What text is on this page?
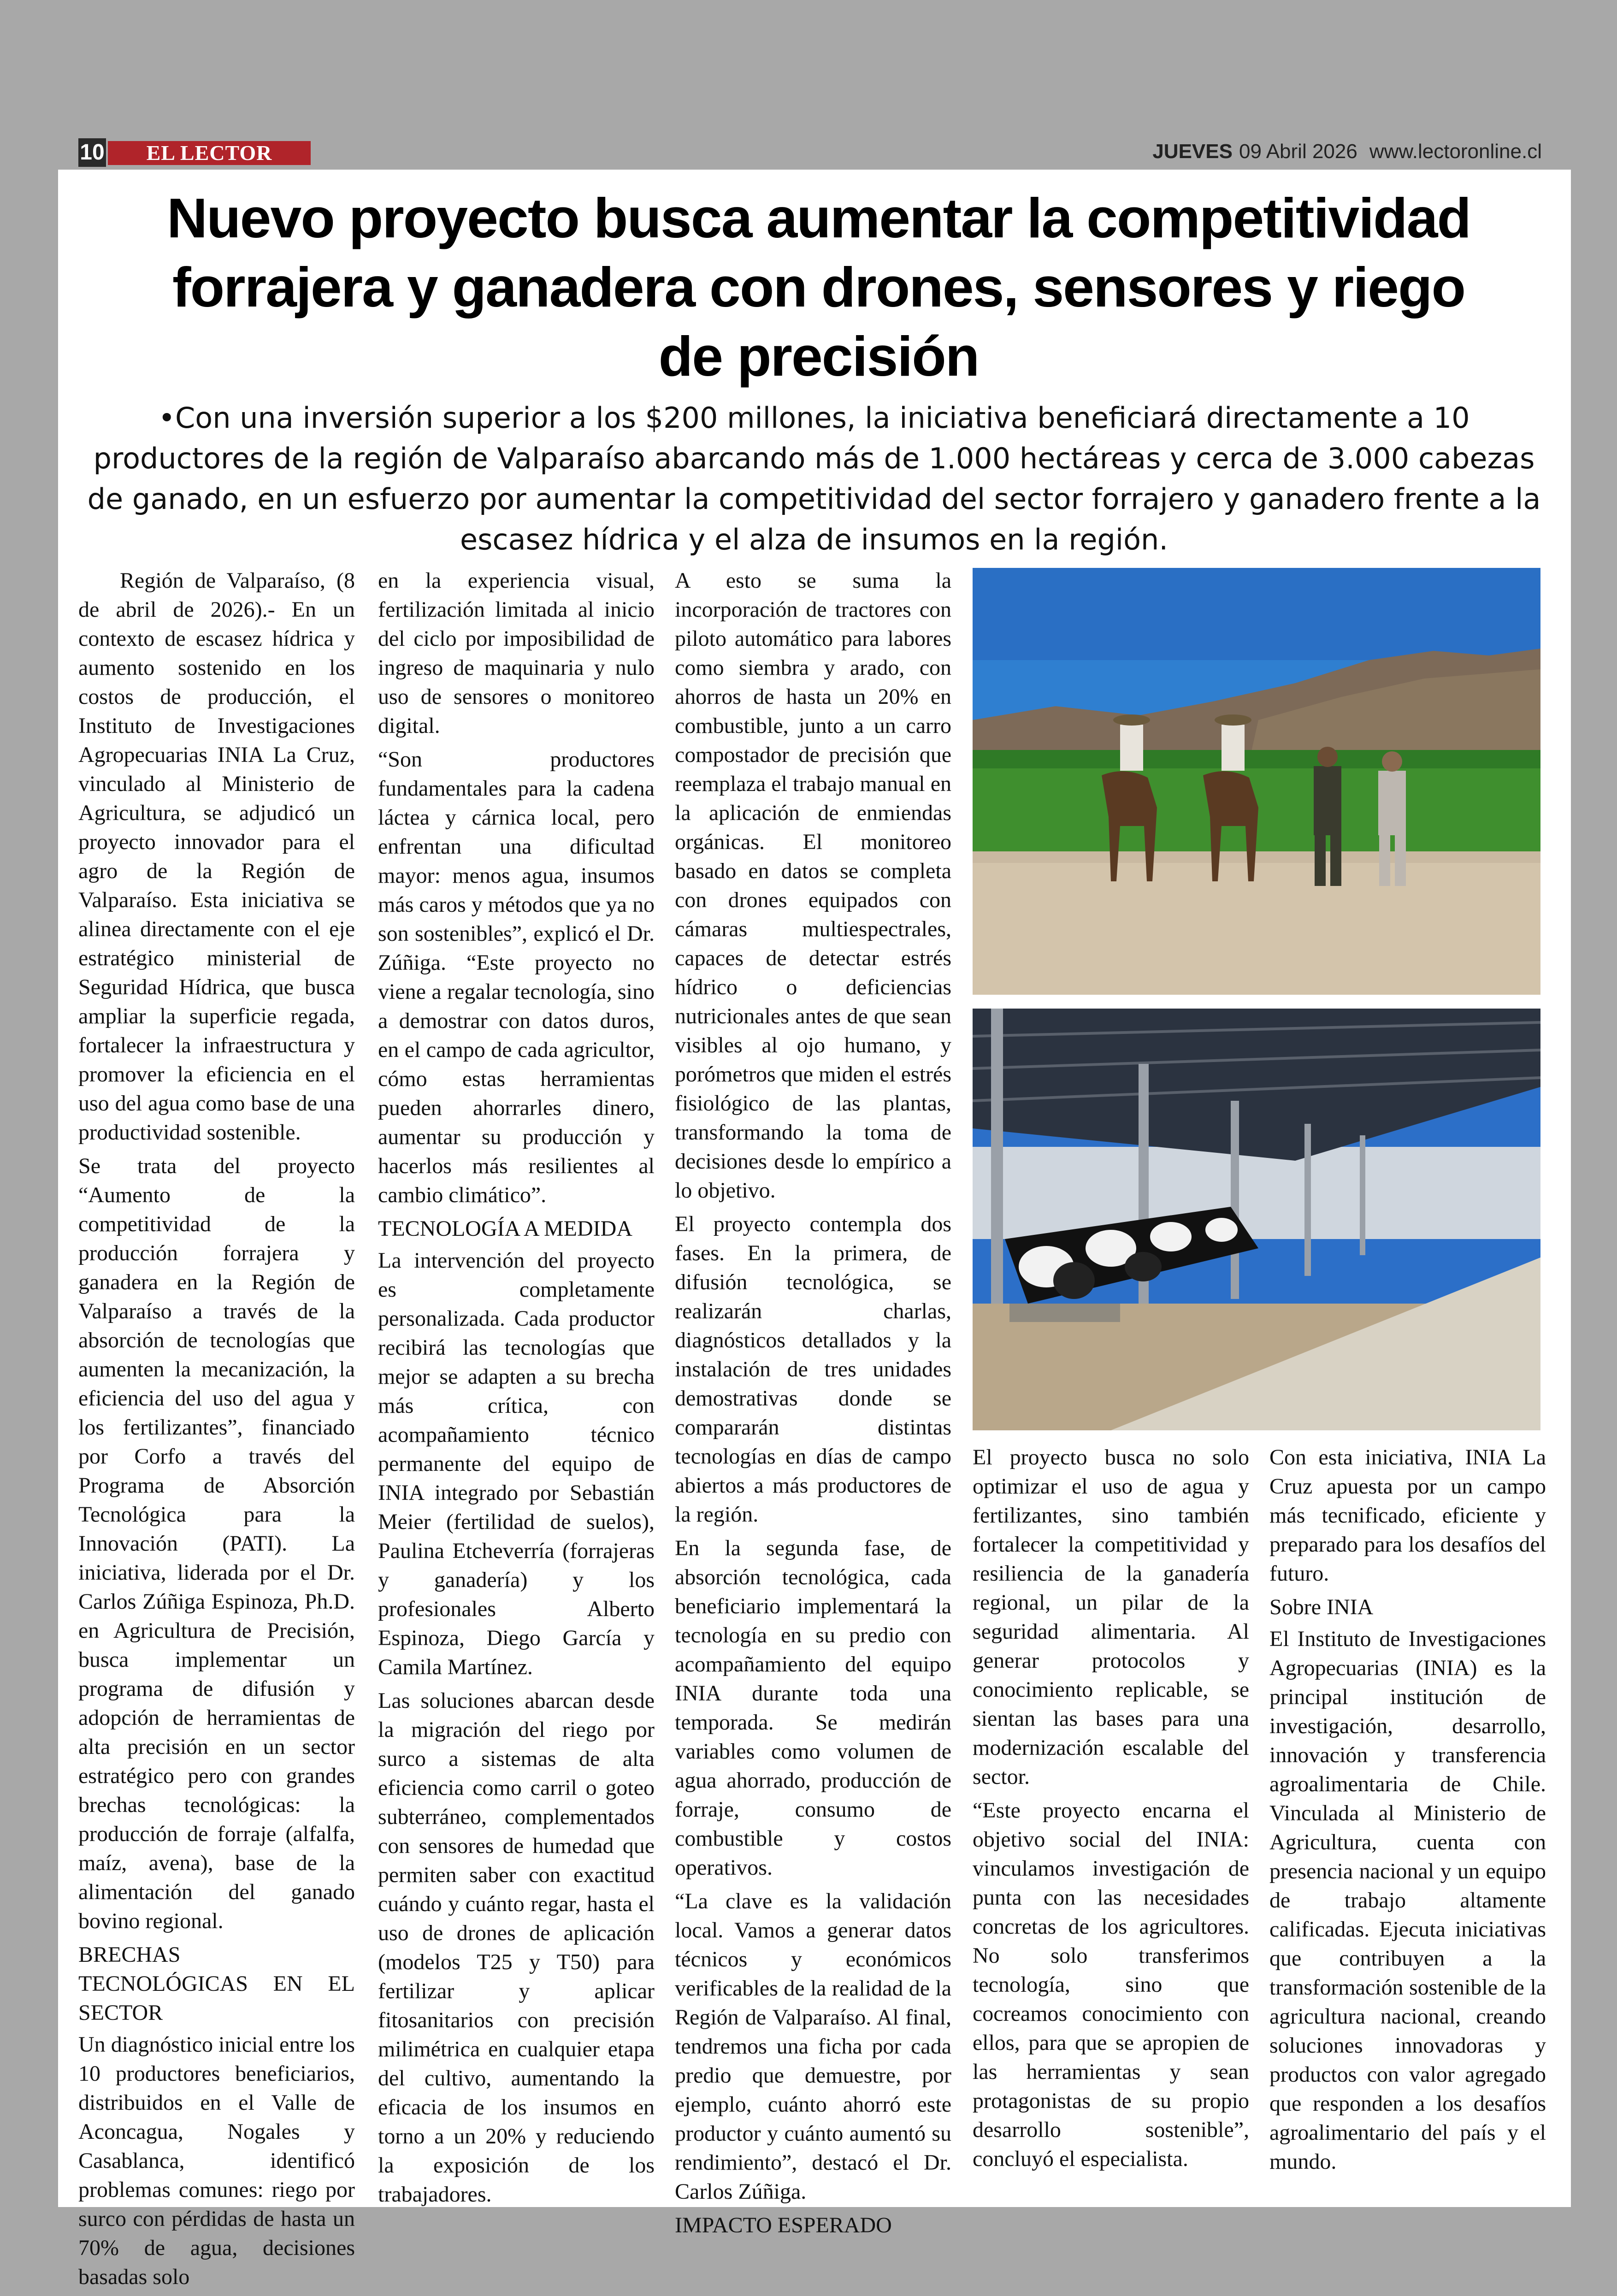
10	EL LECTOR	JUEVES 09 Abril 2026 www.lectoronline.cl
Nuevo proyecto busca aumentar la competitividad forrajera y ganadera con drones, sensores y riego de precisión
•Con una inversión superior a los $200 millones, la iniciativa beneficiará directamente a 10 productores de la región de Valparaíso abarcando más de 1.000 hectáreas y cerca de 3.000 cabezas de ganado, en un esfuerzo por aumentar la competitividad del sector forrajero y ganadero frente a la escasez hídrica y el alza de insumos en la región.

Región de Valparaíso, (8 de abril de 2026).- En un contexto de escasez hídrica y aumento sostenido en los costos de producción, el Instituto de Investigaciones Agropecuarias INIA La Cruz, vinculado al Ministerio de Agricultura, se adjudicó un proyecto innovador para el agro de la Región de Valparaíso. Esta iniciativa se alinea directamente con el eje estratégico ministerial de Seguridad Hídrica, que busca ampliar la superficie regada, fortalecer la infraestructura y promover la eficiencia en el uso del agua como base de una productividad sostenible.

Se trata del proyecto “Aumento de la competitividad de la producción forrajera y ganadera en la Región de Valparaíso a través de la absorción de tecnologías que aumenten la mecanización, la eficiencia del uso del agua y los fertilizantes”, financiado por Corfo a través del Programa de Absorción Tecnológica para la Innovación (PATI). La iniciativa, liderada por el Dr. Carlos Zúñiga Espinoza, Ph.D. en Agricultura de Precisión, busca implementar un programa de difusión y adopción de herramientas de alta precisión en un sector estratégico pero con grandes brechas tecnológicas: la producción de forraje (alfalfa, maíz, avena), base de la alimentación del ganado bovino regional.

BRECHAS TECNOLÓGICAS EN EL SECTOR

Un diagnóstico inicial entre los 10 productores beneficiarios, distribuidos en el Valle de Aconcagua, Nogales y Casablanca, identificó problemas comunes: riego por surco con pérdidas de hasta un 70% de agua, decisiones basadas solo

en la experiencia visual, fertilización limitada al inicio del ciclo por imposibilidad de ingreso de maquinaria y nulo uso de sensores o monitoreo digital.

“Son productores fundamentales para la cadena láctea y cárnica local, pero enfrentan una dificultad mayor: menos agua, insumos más caros y métodos que ya no son sostenibles”, explicó el Dr. Zúñiga. “Este proyecto no viene a regalar tecnología, sino a demostrar con datos duros, en el campo de cada agricultor, cómo estas herramientas pueden ahorrarles dinero, aumentar su producción y hacerlos más resilientes al cambio climático”.

TECNOLOGÍA A MEDIDA

La intervención del proyecto es completamente personalizada. Cada productor recibirá las tecnologías que mejor se adapten a su brecha más crítica, con acompañamiento técnico permanente del equipo de INIA integrado por Sebastián Meier (fertilidad de suelos), Paulina Etcheverría (forrajeras y ganadería) y los profesionales Alberto Espinoza, Diego García y Camila Martínez.

Las soluciones abarcan desde la migración del riego por surco a sistemas de alta eficiencia como carril o goteo subterráneo, complementados con sensores de humedad que permiten saber con exactitud cuándo y cuánto regar, hasta el uso de drones de aplicación (modelos T25 y T50) para fertilizar y aplicar fitosanitarios con precisión milimétrica en cualquier etapa del cultivo, aumentando la eficacia de los insumos en torno a un 20% y reduciendo la exposición de los trabajadores.

A esto se suma la incorporación de tractores con piloto automático para labores como siembra y arado, con ahorros de hasta un 20% en combustible, junto a un carro compostador de precisión que reemplaza el trabajo manual en la aplicación de enmiendas orgánicas. El monitoreo basado en datos se completa con drones equipados con cámaras multiespectrales, capaces de detectar estrés hídrico o deficiencias nutricionales antes de que sean visibles al ojo humano, y porómetros que miden el estrés fisiológico de las plantas, transformando la toma de decisiones desde lo empírico a lo objetivo.

El proyecto contempla dos fases. En la primera, de difusión tecnológica, se realizarán charlas, diagnósticos detallados y la instalación de tres unidades demostrativas donde se compararán distintas tecnologías en días de campo abiertos a más productores de la región.

En la segunda fase, de absorción tecnológica, cada beneficiario implementará la tecnología en su predio con acompañamiento del equipo INIA durante toda una temporada. Se medirán variables como volumen de agua ahorrado, producción de forraje, consumo de combustible y costos operativos.

“La clave es la validación local. Vamos a generar datos técnicos y económicos verificables de la realidad de la Región de Valparaíso. Al final, tendremos una ficha por cada predio que demuestre, por ejemplo, cuánto ahorró este productor y cuánto aumentó su rendimiento”, destacó el Dr. Carlos Zúñiga.

IMPACTO ESPERADO

El proyecto busca no solo optimizar el uso de agua y fertilizantes, sino también fortalecer la competitividad y resiliencia de la ganadería regional, un pilar de la seguridad alimentaria. Al generar protocolos y conocimiento replicable, se sientan las bases para una modernización escalable del sector.

“Este proyecto encarna el objetivo social del INIA: vinculamos investigación de punta con las necesidades concretas de los agricultores. No solo transferimos tecnología, sino que cocreamos conocimiento con ellos, para que se apropien de las herramientas y sean protagonistas de su propio desarrollo sostenible”, concluyó el especialista.

Con esta iniciativa, INIA La Cruz apuesta por un campo más tecnificado, eficiente y preparado para los desafíos del futuro.

Sobre INIA

El Instituto de Investigaciones Agropecuarias (INIA) es la principal institución de investigación, desarrollo, innovación y transferencia agroalimentaria de Chile. Vinculada al Ministerio de Agricultura, cuenta con presencia nacional y un equipo de trabajo altamente calificadas. Ejecuta iniciativas que contribuyen a la transformación sostenible de la agricultura nacional, creando soluciones innovadoras y productos con valor agregado que responden a los desafíos agroalimentario del país y el mundo.
